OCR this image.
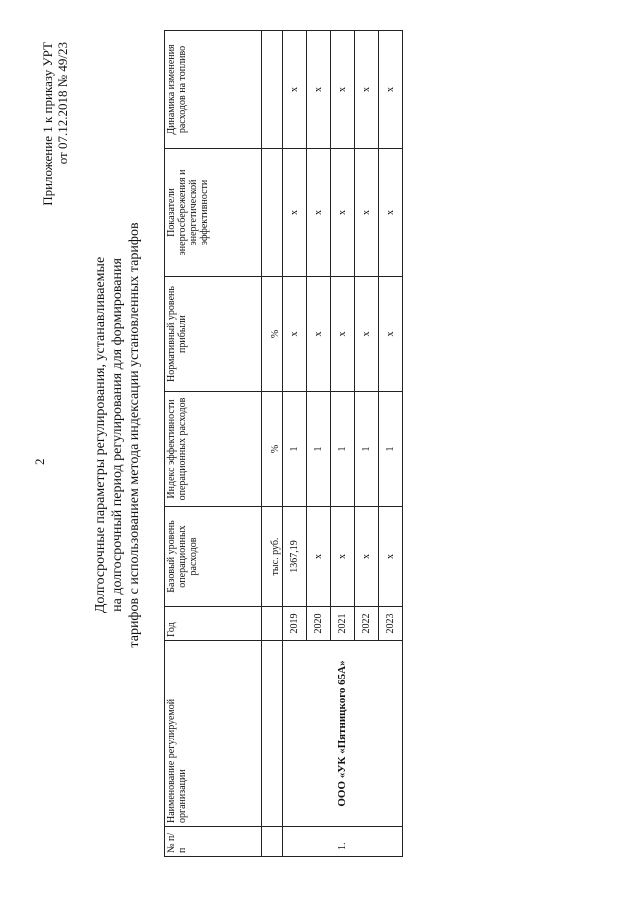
2
Приложение 1 к приказу УРТ от 07.12.2018 № 49/23
Долгосрочные параметры регулирования, устанавливаемые на долгосрочный период регулирования для формирования тарифов с использованием метода индексации установленных тарифов
№ п/п	Наименование регулируемой организации	Год	Базовый уровень операционных расходов	Индекс эффективности операционных расходов	Нормативный уровень прибыли	Показатели энергосбережения и энергетической эффективности	Динамика изменения расходов на топливо
			тыс. руб.	%	%		
1.	ООО «УК «Пятницкого 65А»	2019	1367,19	1	x	x	x
		2020	x	1	x	x	x
		2021	x	1	x	x	x
		2022	x	1	x	x	x
		2023	x	1	x	x	x
